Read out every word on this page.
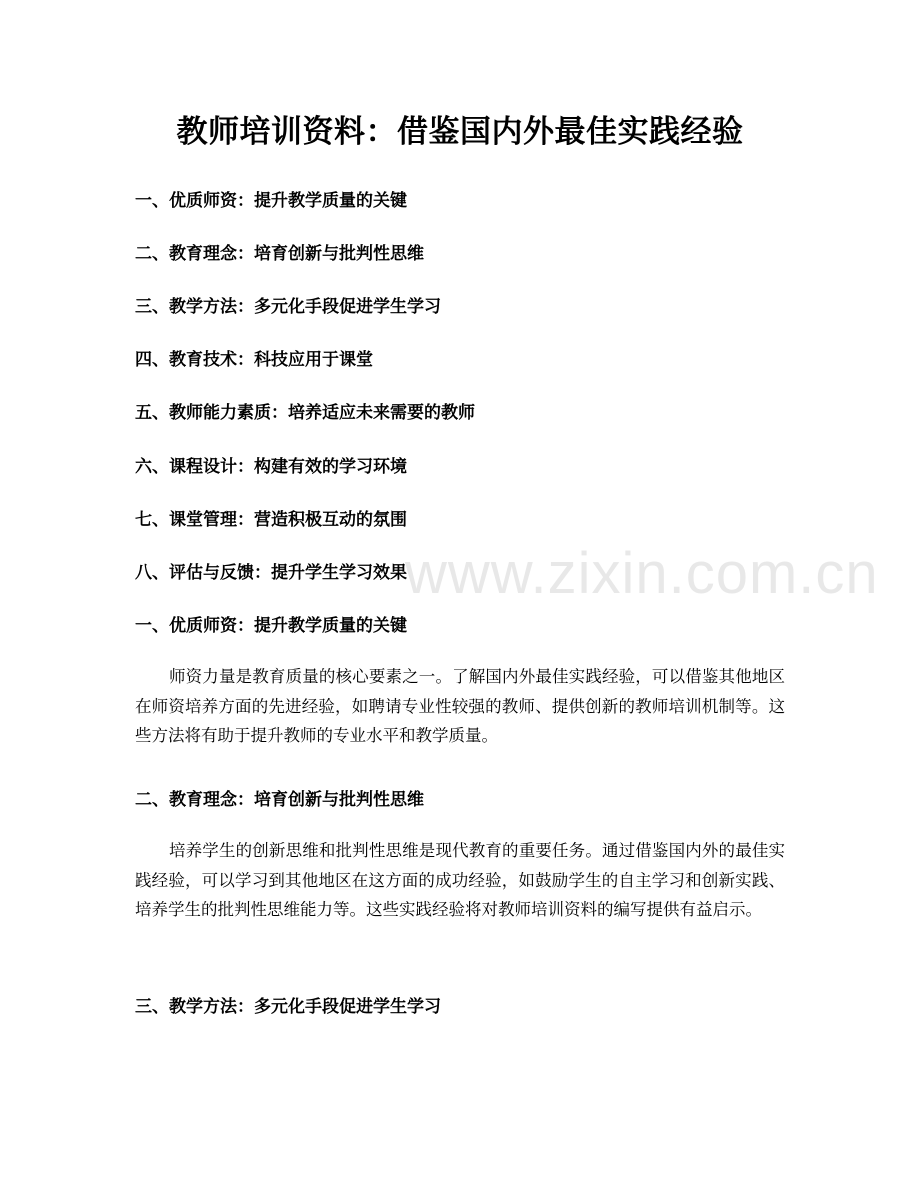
教师培训资料：借鉴国内外最佳实践经验
一、优质师资：提升教学质量的关键
二、教育理念：培育创新与批判性思维
三、教学方法：多元化手段促进学生学习
四、教育技术：科技应用于课堂
五、教师能力素质：培养适应未来需要的教师
六、课程设计：构建有效的学习环境
七、课堂管理：营造积极互动的氛围
八、评估与反馈：提升学生学习效果
一、优质师资：提升教学质量的关键
师资力量是教育质量的核心要素之一。了解国内外最佳实践经验，可以借鉴其他地区在师资培养方面的先进经验，如聘请专业性较强的教师、提供创新的教师培训机制等。这些方法将有助于提升教师的专业水平和教学质量。
二、教育理念：培育创新与批判性思维
培养学生的创新思维和批判性思维是现代教育的重要任务。通过借鉴国内外的最佳实践经验，可以学习到其他地区在这方面的成功经验，如鼓励学生的自主学习和创新实践、培养学生的批判性思维能力等。这些实践经验将对教师培训资料的编写提供有益启示。
三、教学方法：多元化手段促进学生学习
www.zixin.com.cn
